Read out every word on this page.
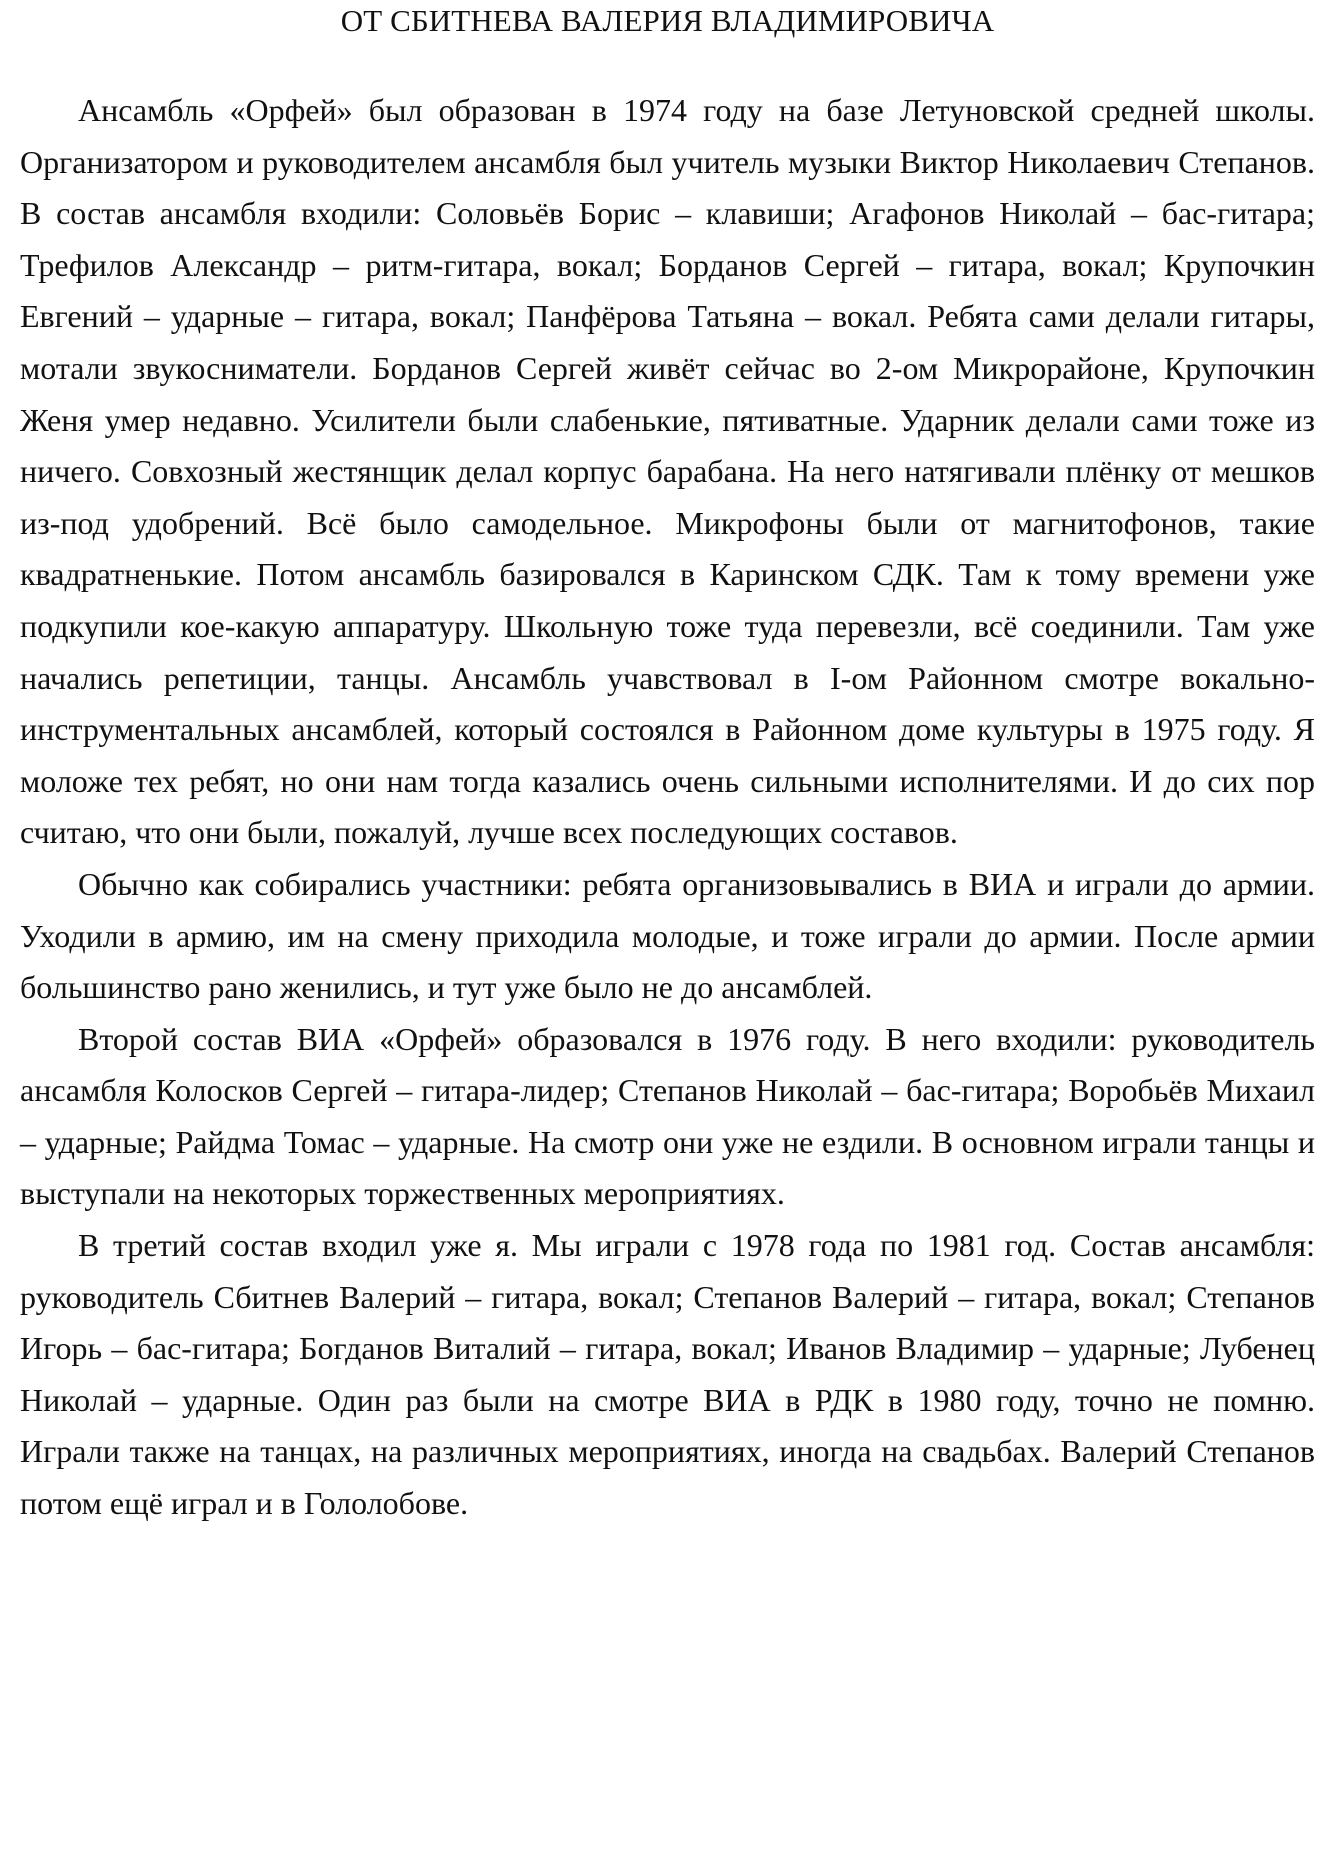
ОТ СБИТНЕВА ВАЛЕРИЯ ВЛАДИМИРОВИЧА

Ансамбль «Орфей» был образован в 1974 году на базе Летуновской средней школы. Организатором и руководителем ансамбля был учитель музыки Виктор Николаевич Степанов. В состав ансамбля входили: Соловьёв Борис – клавиши; Агафонов Николай – бас-гитара; Трефилов Александр – ритм-гитара, вокал; Борданов Сергей – гитара, вокал; Крупочкин Евгений – ударные – гитара, вокал; Панфёрова Татьяна – вокал. Ребята сами делали гитары, мотали звукосниматели. Борданов Сергей живёт сейчас во 2-ом Микрорайоне, Крупочкин Женя умер недавно. Усилители были слабенькие, пятиватные. Ударник делали сами тоже из ничего. Совхозный жестянщик делал корпус барабана. На него натягивали плёнку от мешков из-под удобрений. Всё было самодельное. Микрофоны были от магнитофонов, такие квадратненькие. Потом ансамбль базировался в Каринском СДК. Там к тому времени уже подкупили кое-какую аппаратуру. Школьную тоже туда перевезли, всё соединили. Там уже начались репетиции, танцы. Ансамбль учавствовал в I-ом Районном смотре вокально-инструментальных ансамблей, который состоялся в Районном доме культуры в 1975 году. Я моложе тех ребят, но они нам тогда казались очень сильными исполнителями. И до сих пор считаю, что они были, пожалуй, лучше всех последующих составов.

Обычно как собирались участники: ребята организовывались в ВИА и играли до армии. Уходили в армию, им на смену приходила молодые, и тоже играли до армии. После армии большинство рано женились, и тут уже было не до ансамблей.

Второй состав ВИА «Орфей» образовался в 1976 году. В него входили: руководитель ансамбля Колосков Сергей – гитара-лидер; Степанов Николай – бас-гитара; Воробьёв Михаил – ударные; Райдма Томас – ударные. На смотр они уже не ездили. В основном играли танцы и выступали на некоторых торжественных мероприятиях.

В третий состав входил уже я. Мы играли с 1978 года по 1981 год. Состав ансамбля: руководитель Сбитнев Валерий – гитара, вокал; Степанов Валерий – гитара, вокал; Степанов Игорь – бас-гитара; Богданов Виталий – гитара, вокал; Иванов Владимир – ударные; Лубенец Николай – ударные. Один раз были на смотре ВИА в РДК в 1980 году, точно не помню. Играли также на танцах, на различных мероприятиях, иногда на свадьбах. Валерий Степанов потом ещё играл и в Гололобове.
